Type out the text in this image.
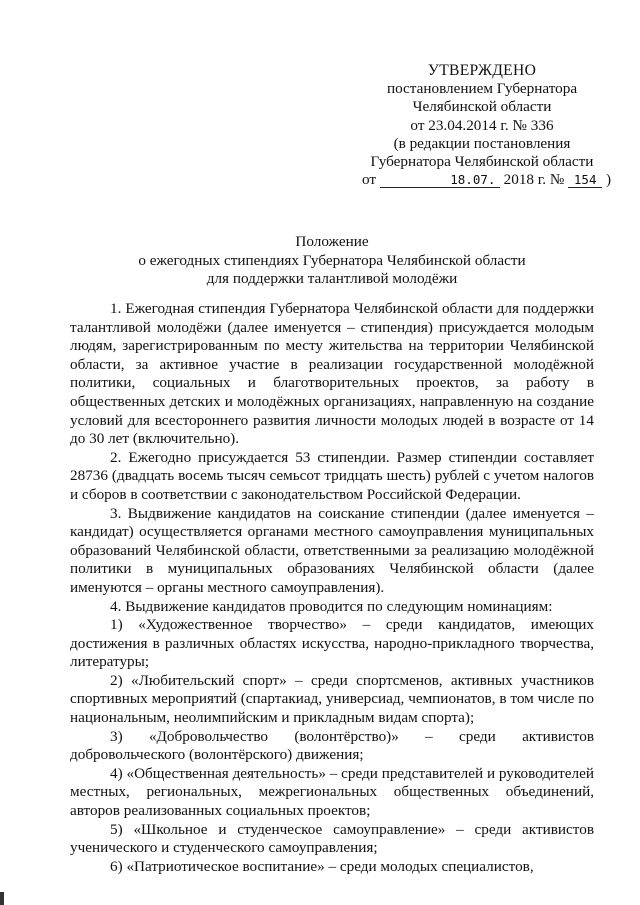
УТВЕРЖДЕНО
постановлением Губернатора
Челябинской области
от 23.04.2014 г. № 336
(в редакции постановления
Губернатора Челябинской области
от	18.07. 2018 г. № 154 )
Положение
о ежегодных стипендиях Губернатора Челябинской области
для поддержки талантливой молодёжи

1. Ежегодная стипендия Губернатора Челябинской области для поддержки талантливой молодёжи (далее именуется – стипендия) присуждается молодым людям, зарегистрированным по месту жительства на территории Челябинской области, за активное участие в реализации государственной молодёжной политики, социальных и благотворительных проектов, за работу в общественных детских и молодёжных организациях, направленную на создание условий для всестороннего развития личности молодых людей в возрасте от 14 до 30 лет (включительно).

2. Ежегодно присуждается 53 стипендии. Размер стипендии составляет 28736 (двадцать восемь тысяч семьсот тридцать шесть) рублей с учетом налогов и сборов в соответствии с законодательством Российской Федерации.

3. Выдвижение кандидатов на соискание стипендии (далее именуется – кандидат) осуществляется органами местного самоуправления муниципальных образований Челябинской области, ответственными за реализацию молодёжной политики в муниципальных образованиях Челябинской области (далее именуются – органы местного самоуправления).

4. Выдвижение кандидатов проводится по следующим номинациям:

1) «Художественное творчество» – среди кандидатов, имеющих достижения в различных областях искусства, народно-прикладного творчества, литературы;

2) «Любительский спорт» – среди спортсменов, активных участников спортивных мероприятий (спартакиад, универсиад, чемпионатов, в том числе по национальным, неолимпийским и прикладным видам спорта);

3) «Добровольчество (волонтёрство)» – среди активистов добровольческого (волонтёрского) движения;

4) «Общественная деятельность» – среди представителей и руководителей местных, региональных, межрегиональных общественных объединений, авторов реализованных социальных проектов;

5) «Школьное и студенческое самоуправление» – среди активистов ученического и студенческого самоуправления;

6) «Патриотическое воспитание» – среди молодых специалистов,
